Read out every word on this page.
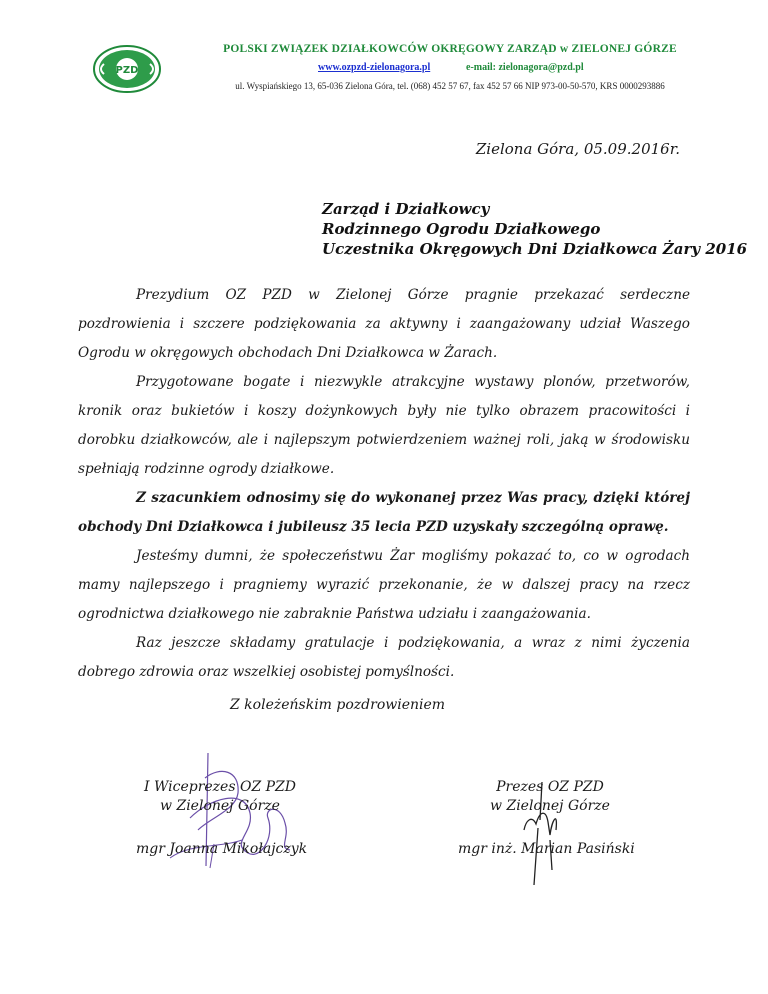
PZD
POLSKI ZWIĄZEK DZIAŁKOWCÓW OKRĘGOWY ZARZĄD w ZIELONEJ GÓRZE
www.ozpzd-zielonagora.pl	e-mail: zielonagora@pzd.pl
ul. Wyspiańskiego 13, 65-036 Zielona Góra, tel. (068) 452 57 67, fax 452 57 66 NIP 973-00-50-570, KRS 0000293886
Zielona Góra, 05.09.2016r.
Zarząd i Działkowcy
Rodzinnego Ogrodu Działkowego
Uczestnika Okręgowych Dni Działkowca Żary 2016

Prezydium OZ PZD w Zielonej Górze pragnie przekazać serdeczne pozdrowienia i szczere podziękowania za aktywny i zaangażowany udział Waszego Ogrodu w okręgowych obchodach Dni Działkowca w Żarach.

Przygotowane bogate i niezwykle atrakcyjne wystawy plonów, przetworów, kronik oraz bukietów i koszy dożynkowych były nie tylko obrazem pracowitości i dorobku działkowców, ale i najlepszym potwierdzeniem ważnej roli, jaką w środowisku spełniają rodzinne ogrody działkowe.

Z szacunkiem odnosimy się do wykonanej przez Was pracy, dzięki której obchody Dni Działkowca i jubileusz 35 lecia PZD uzyskały szczególną oprawę.

Jesteśmy dumni, że społeczeństwu Żar mogliśmy pokazać to, co w ogrodach mamy najlepszego i pragniemy wyrazić przekonanie, że w dalszej pracy na rzecz ogrodnictwa działkowego nie zabraknie Państwa udziału i zaangażowania.

Raz jeszcze składamy gratulacje i podziękowania, a wraz z nimi życzenia dobrego zdrowia oraz wszelkiej osobistej pomyślności.

Z koleżeńskim pozdrowieniem
I Wiceprezes OZ PZD
w Zielonej Górze
mgr Joanna Mikołajczyk
Prezes OZ PZD
w Zielonej Górze
mgr inż. Marian Pasiński
